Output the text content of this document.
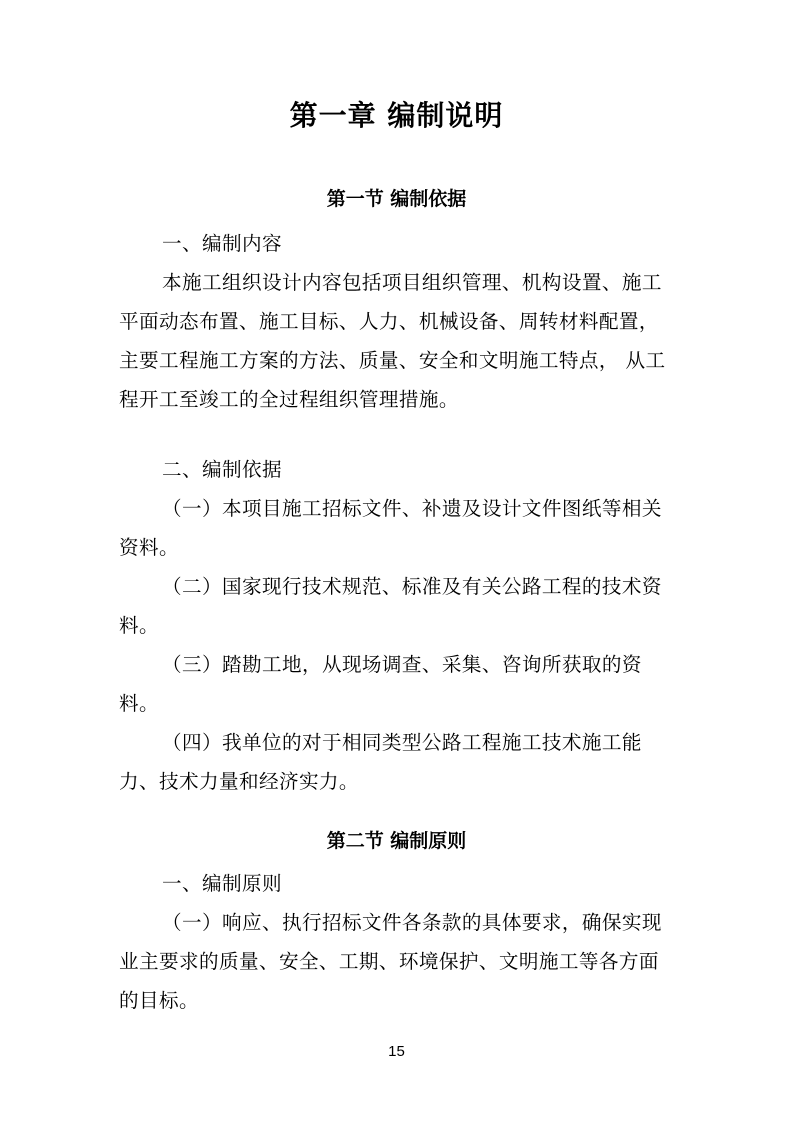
第一章 编制说明
第一节 编制依据

一、编制内容

本施工组织设计内容包括项目组织管理、机构设置、施工平面动态布置、施工目标、人力、机械设备、周转材料配置， 主要工程施工方案的方法、质量、安全和文明施工特点， 从工程开工至竣工的全过程组织管理措施。

二、编制依据

（一）本项目施工招标文件、补遗及设计文件图纸等相关资料。

（二）国家现行技术规范、标准及有关公路工程的技术资料。

（三）踏勘工地，从现场调查、采集、咨询所获取的资料。

（四）我单位的对于相同类型公路工程施工技术施工能力、技术力量和经济实力。

第二节 编制原则

一、编制原则

（一）响应、执行招标文件各条款的具体要求，确保实现业主要求的质量、安全、工期、环境保护、文明施工等各方面的目标。

15
